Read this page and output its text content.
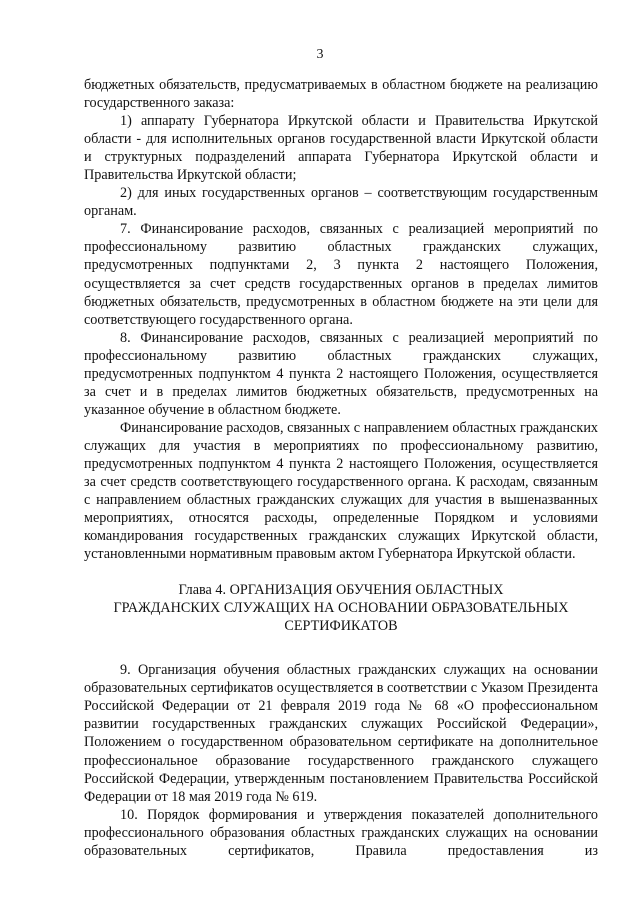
3

бюджетных обязательств, предусматриваемых в областном бюджете на реализацию государственного заказа:

1) аппарату Губернатора Иркутской области и Правительства Иркутской области - для исполнительных органов государственной власти Иркутской области и структурных подразделений аппарата Губернатора Иркутской области и Правительства Иркутской области;

2) для иных государственных органов – соответствующим государственным органам.

7. Финансирование расходов, связанных с реализацией мероприятий по профессиональному развитию областных гражданских служащих, предусмотренных подпунктами 2, 3 пункта 2 настоящего Положения, осуществляется за счет средств государственных органов в пределах лимитов бюджетных обязательств, предусмотренных в областном бюджете на эти цели для соответствующего государственного органа.

8. Финансирование расходов, связанных с реализацией мероприятий по профессиональному развитию областных гражданских служащих, предусмотренных подпунктом 4 пункта 2 настоящего Положения, осуществляется за счет и в пределах лимитов бюджетных обязательств, предусмотренных на указанное обучение в областном бюджете.

Финансирование расходов, связанных с направлением областных гражданских служащих для участия в мероприятиях по профессиональному развитию, предусмотренных подпунктом 4 пункта 2 настоящего Положения, осуществляется за счет средств соответствующего государственного органа. К расходам, связанным с направлением областных гражданских служащих для участия в вышеназванных мероприятиях, относятся расходы, определенные Порядком и условиями командирования государственных гражданских служащих Иркутской области, установленными нормативным правовым актом Губернатора Иркутской области.

Глава 4. ОРГАНИЗАЦИЯ ОБУЧЕНИЯ ОБЛАСТНЫХ
ГРАЖДАНСКИХ СЛУЖАЩИХ НА ОСНОВАНИИ ОБРАЗОВАТЕЛЬНЫХ
СЕРТИФИКАТОВ

9. Организация обучения областных гражданских служащих на основании образовательных сертификатов осуществляется в соответствии с Указом Президента Российской Федерации от 21 февраля 2019 года № 68 «О профессиональном развитии государственных гражданских служащих Российской Федерации», Положением о государственном образовательном сертификате на дополнительное профессиональное образование государственного гражданского служащего Российской Федерации, утвержденным постановлением Правительства Российской Федерации от 18 мая 2019 года № 619.

10. Порядок формирования и утверждения показателей дополнительного профессионального образования областных гражданских служащих на основании образовательных сертификатов, Правила предоставления из
